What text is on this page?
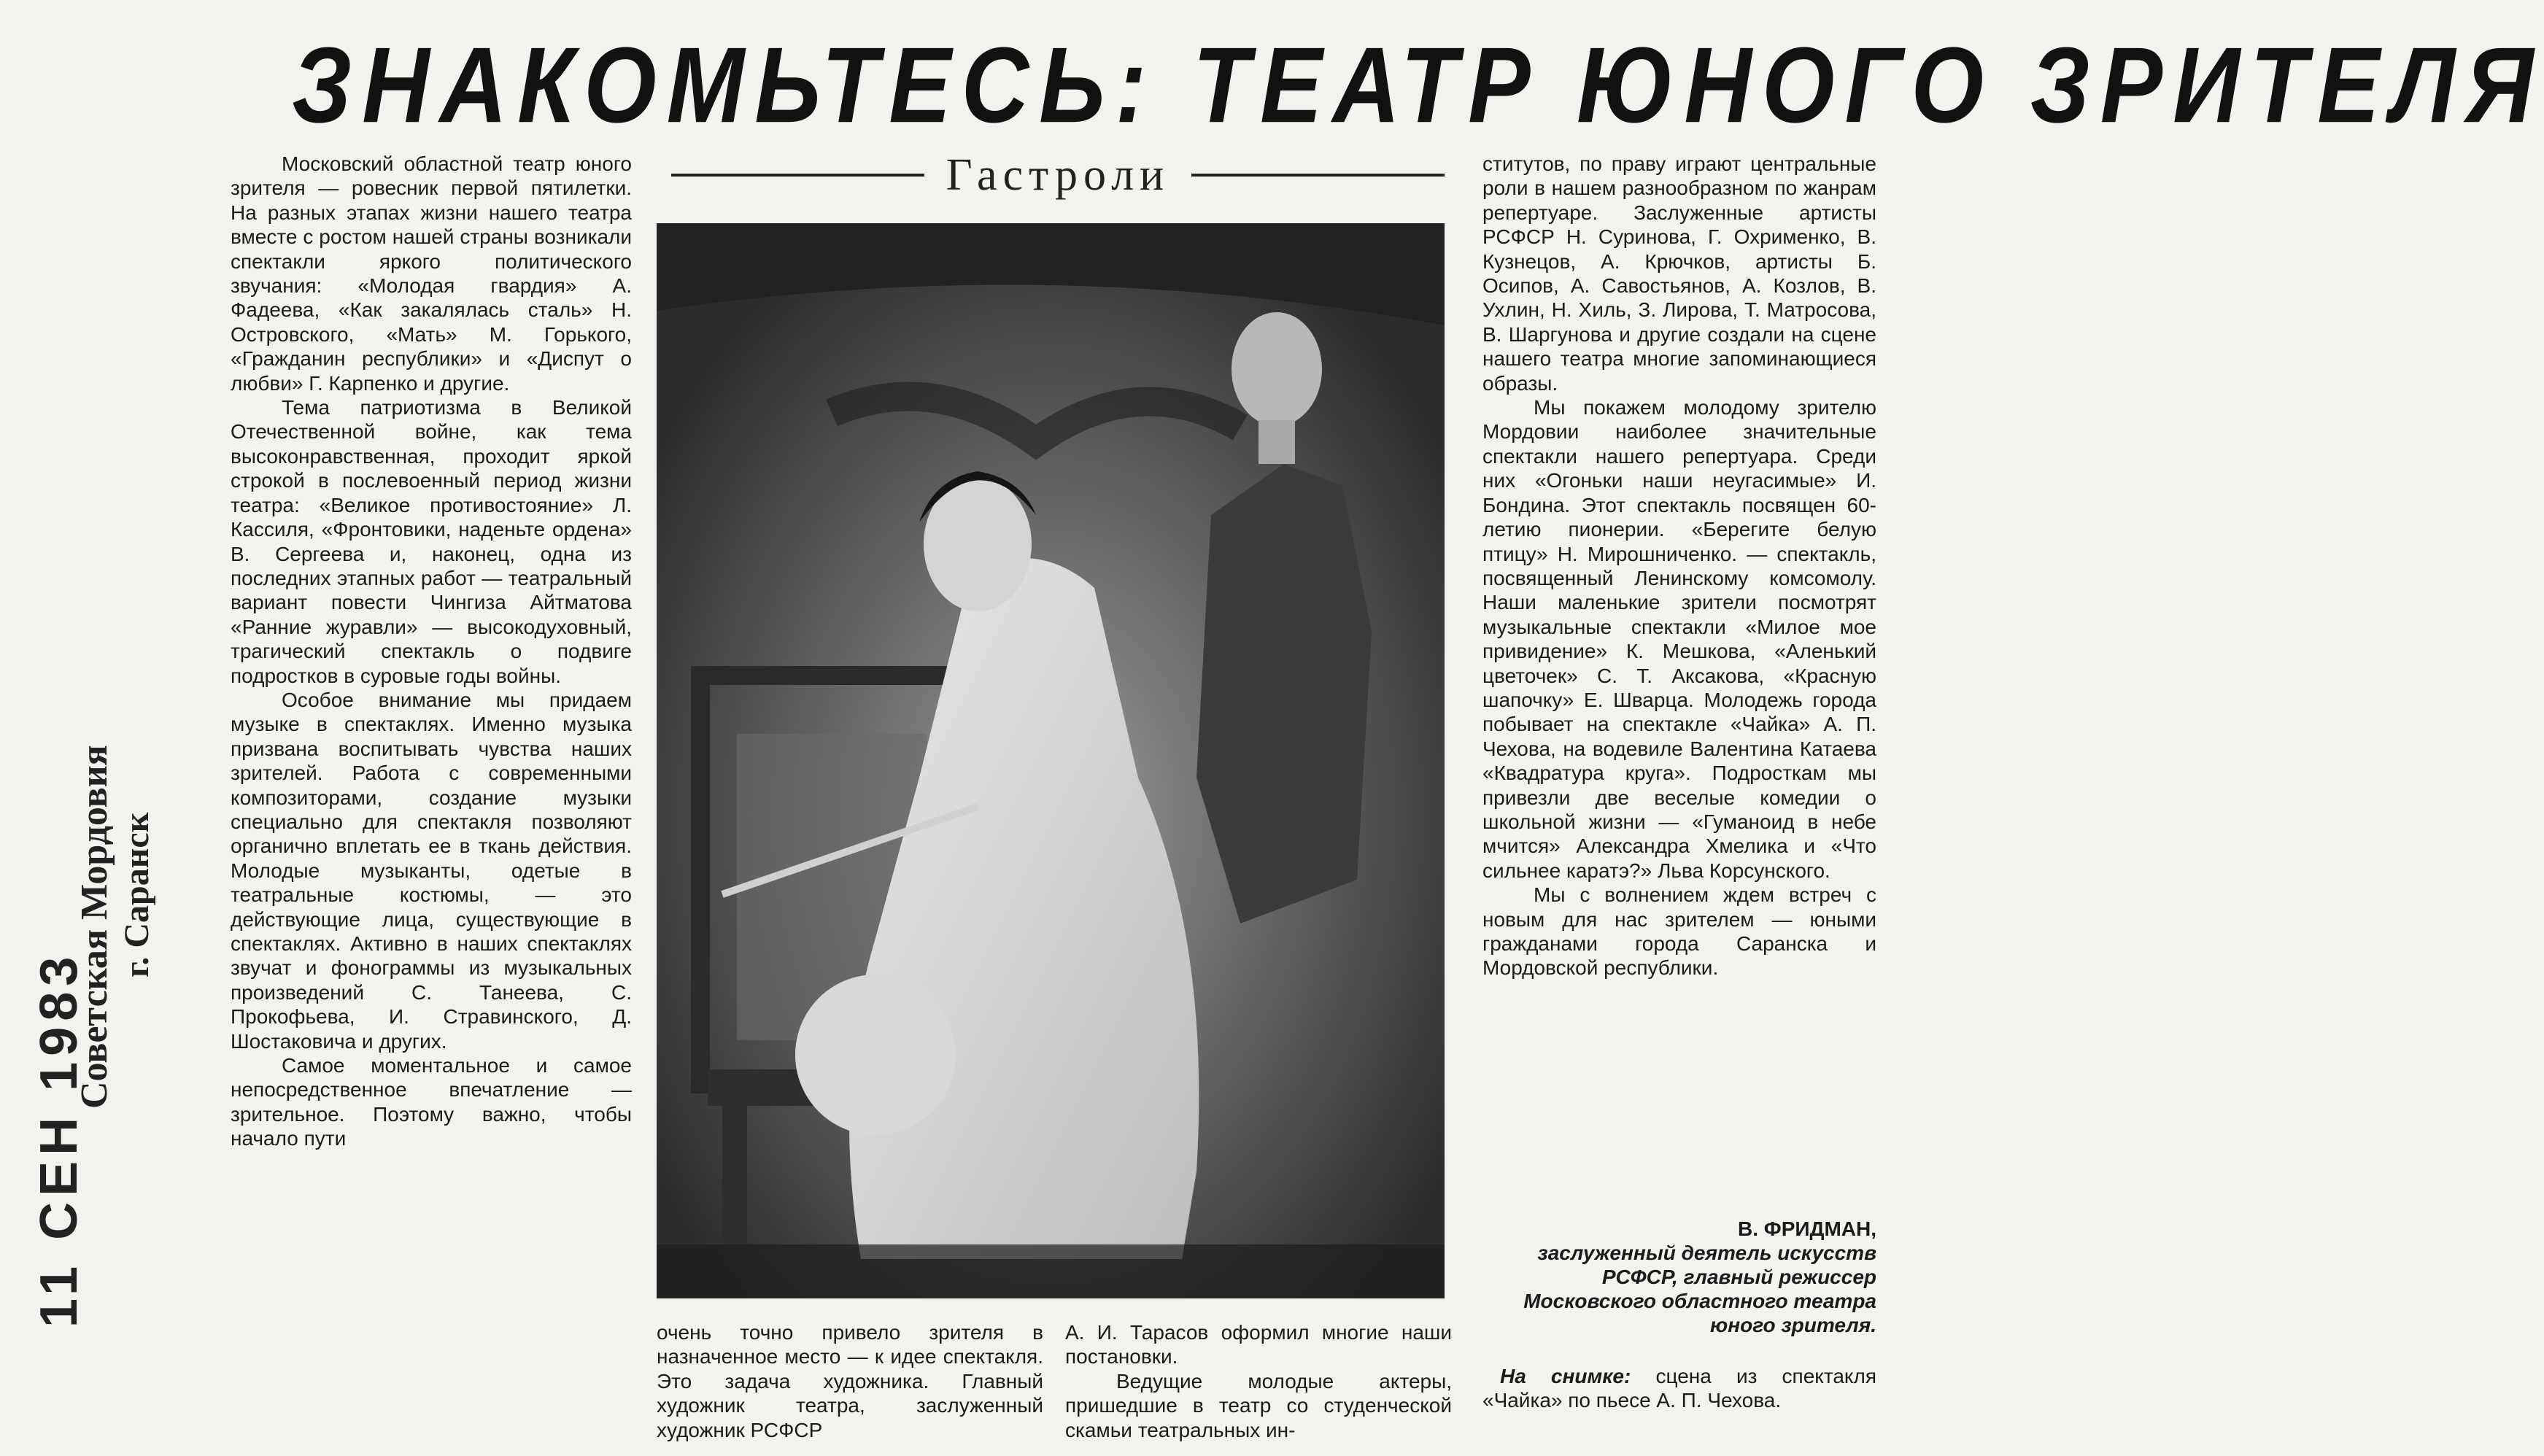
ЗНАКОМЬТЕСЬ: ТЕАТР ЮНОГО ЗРИТЕЛЯ
Гастроли
11 СЕН 1983
Советская Мордовия г. Саранск

Московский областной театр юного зрителя — ровесник первой пятилетки. На разных этапах жизни нашего театра вместе с ростом нашей страны возникали спектакли яркого политического звучания: «Молодая гвардия» А. Фадеева, «Как закалялась сталь» Н. Островского, «Мать» М. Горького, «Гражданин республики» и «Диспут о любви» Г. Карпенко и другие.

Тема патриотизма в Великой Отечественной войне, как тема высоконравственная, проходит яркой строкой в послевоенный период жизни театра: «Великое противостояние» Л. Кассиля, «Фронтовики, наденьте ордена» В. Сергеева и, наконец, одна из последних этапных работ — театральный вариант повести Чингиза Айтматова «Ранние журавли» — высокодуховный, трагический спектакль о подвиге подростков в суровые годы войны.

Особое внимание мы придаем музыке в спектаклях. Именно музыка призвана воспитывать чувства наших зрителей. Работа с современными композиторами, создание музыки специально для спектакля позволяют органично вплетать ее в ткань действия. Молодые музыканты, одетые в театральные костюмы, — это действующие лица, существующие в спектаклях. Активно в наших спектаклях звучат и фонограммы из музыкальных произведений С. Танеева, С. Прокофьева, И. Стравинского, Д. Шостаковича и других.

Самое моментальное и самое непосредственное впечатление — зрительное. Поэтому важно, чтобы начало пути

очень точно привело зрителя в назначенное место — к идее спектакля. Это задача художника. Главный художник театра, заслуженный художник РСФСР

А. И. Тарасов оформил многие наши постановки.

Ведущие молодые актеры, пришедшие в театр со студенческой скамьи театральных ин-

ститутов, по праву играют центральные роли в нашем разнообразном по жанрам репертуаре. Заслуженные артисты РСФСР Н. Суринова, Г. Охрименко, В. Кузнецов, А. Крючков, артисты Б. Осипов, А. Савостьянов, А. Козлов, В. Ухлин, Н. Хиль, З. Лирова, Т. Матросова, В. Шаргунова и другие создали на сцене нашего театра многие запоминающиеся образы.

Мы покажем молодому зрителю Мордовии наиболее значительные спектакли нашего репертуара. Среди них «Огоньки наши неугасимые» И. Бондина. Этот спектакль посвящен 60-летию пионерии. «Берегите белую птицу» Н. Мирошниченко. — спектакль, посвященный Ленинскому комсомолу. Наши маленькие зрители посмотрят музыкальные спектакли «Милое мое привидение» К. Мешкова, «Аленький цветочек» С. Т. Аксакова, «Красную шапочку» Е. Шварца. Молодежь города побывает на спектакле «Чайка» А. П. Чехова, на водевиле Валентина Катаева «Квадратура круга». Подросткам мы привезли две веселые комедии о школьной жизни — «Гуманоид в небе мчится» Александра Хмелика и «Что сильнее каратэ?» Льва Корсунского.

Мы с волнением ждем встреч с новым для нас зрителем — юными гражданами города Саранска и Мордовской республики.

В. ФРИДМАН,
заслуженный деятель искусств РСФСР, главный режиссер Московского областного театра юного зрителя.
На снимке: сцена из спектакля «Чайка» по пьесе А. П. Чехова.
